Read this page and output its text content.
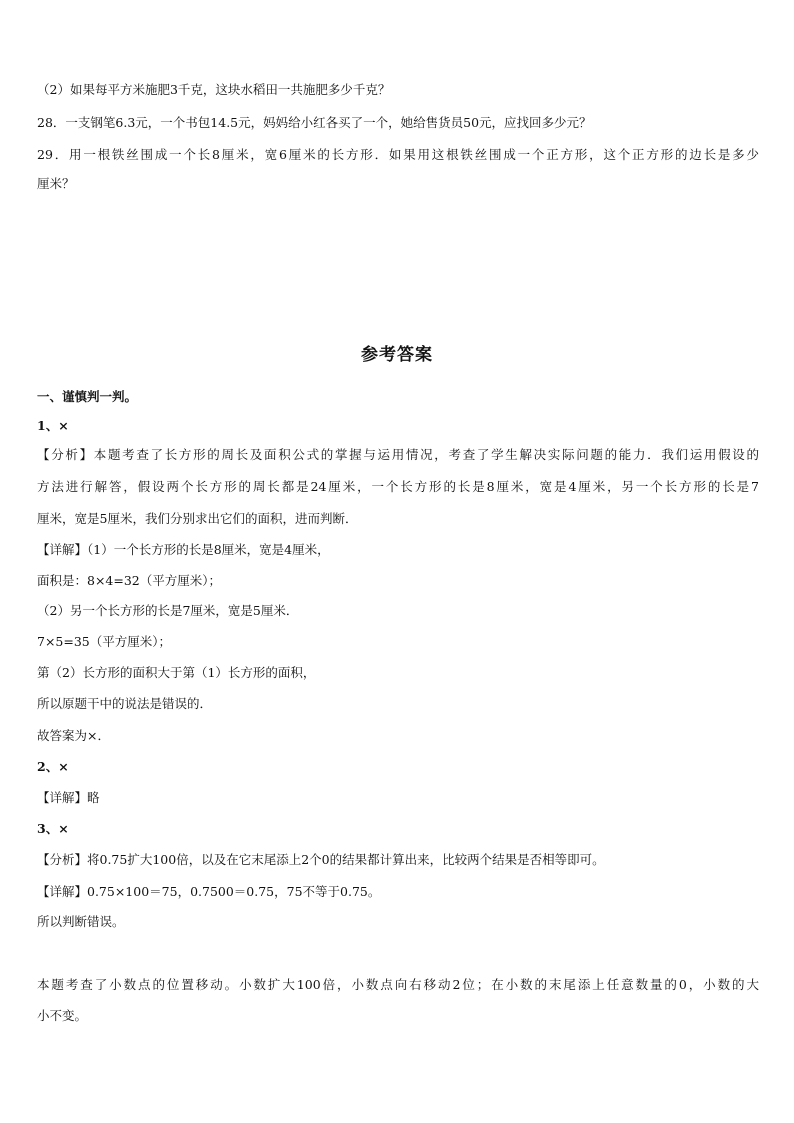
（2）如果每平方米施肥3千克，这块水稻田一共施肥多少千克？
28．一支钢笔6.3元，一个书包14.5元，妈妈给小红各买了一个，她给售货员50元，应找回多少元？
29．用一根铁丝围成一个长8厘米，宽6厘米的长方形．如果用这根铁丝围成一个正方形，这个正方形的边长是多少
厘米？
参考答案
一、谨慎判一判。
1、×
【分析】本题考查了长方形的周长及面积公式的掌握与运用情况，考查了学生解决实际问题的能力．我们运用假设的
方法进行解答，假设两个长方形的周长都是24厘米，一个长方形的长是8厘米，宽是4厘米，另一个长方形的长是7
厘米，宽是5厘米，我们分别求出它们的面积，进而判断．
【详解】（1）一个长方形的长是8厘米，宽是4厘米，
面积是：8×4=32（平方厘米）；
（2）另一个长方形的长是7厘米，宽是5厘米．
7×5=35（平方厘米）；
第（2）长方形的面积大于第（1）长方形的面积，
所以原题干中的说法是错误的．
故答案为×．
2、×
【详解】略
3、×
【分析】将0.75扩大100倍，以及在它末尾添上2个0的结果都计算出来，比较两个结果是否相等即可。
【详解】0.75×100＝75，0.7500＝0.75，75不等于0.75。
所以判断错误。
本题考查了小数点的位置移动。小数扩大100倍，小数点向右移动2位；在小数的末尾添上任意数量的0，小数的大
小不变。
